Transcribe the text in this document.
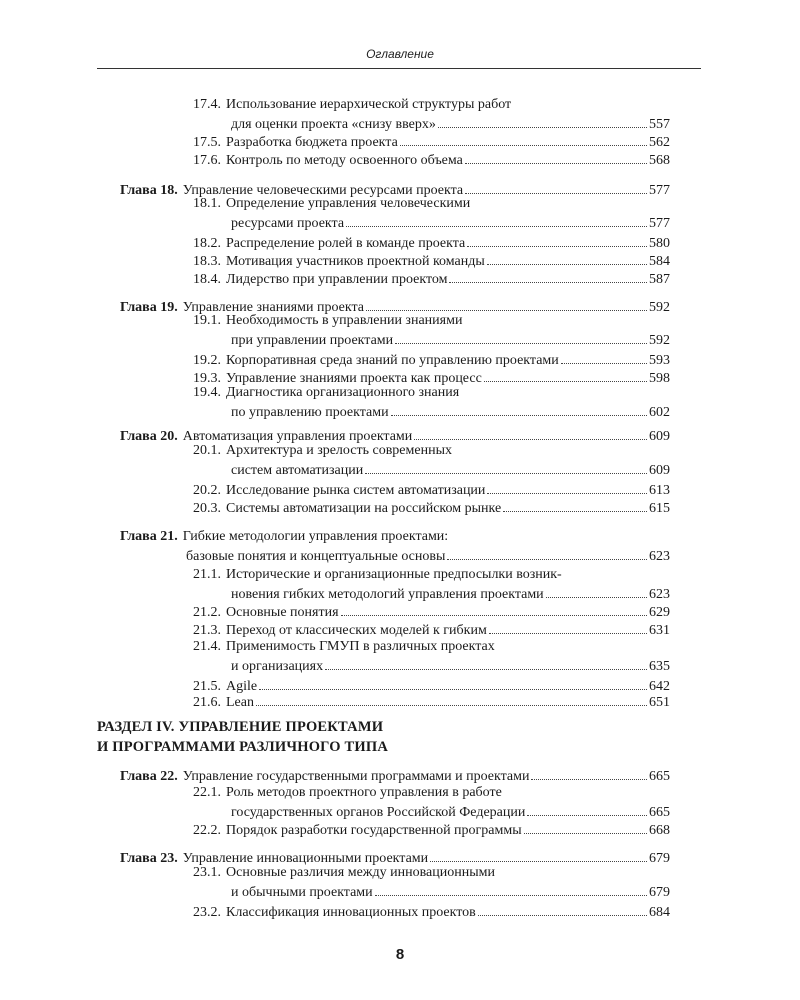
Оглавление
17.4. Использование иерархической структуры работ
для оценки проекта «снизу вверх»	557
17.5. Разработка бюджета проекта	562
17.6. Контроль по методу освоенного объема	568
Глава 18. Управление человеческими ресурсами проекта	577
18.1. Определение управления человеческими
ресурсами проекта	577
18.2. Распределение ролей в команде проекта	580
18.3. Мотивация участников проектной команды	584
18.4. Лидерство при управлении проектом	587
Глава 19. Управление знаниями проекта	592
19.1. Необходимость в управлении знаниями
при управлении проектами	592
19.2. Корпоративная среда знаний по управлению проектами	593
19.3. Управление знаниями проекта как процесс	598
19.4. Диагностика организационного знания
по управлению проектами	602
Глава 20. Автоматизация управления проектами	609
20.1. Архитектура и зрелость современных
систем автоматизации	609
20.2. Исследование рынка систем автоматизации	613
20.3. Системы автоматизации на российском рынке	615
Глава 21. Гибкие методологии управления проектами:
базовые понятия и концептуальные основы	623
21.1. Исторические и организационные предпосылки возник-
новения гибких методологий управления проектами	623
21.2. Основные понятия	629
21.3. Переход от классических моделей к гибким	631
21.4. Применимость ГМУП в различных проектах
и организациях	635
21.5. Agile	642
21.6. Lean	651
Глава 22. Управление государственными программами и проектами	665
22.1. Роль методов проектного управления в работе
государственных органов Российской Федерации	665
22.2. Порядок разработки государственной программы	668
Глава 23. Управление инновационными проектами	679
23.1. Основные различия между инновационными
и обычными проектами	679
23.2. Классификация инновационных проектов	684
РАЗДЕЛ IV. УПРАВЛЕНИЕ ПРОЕКТАМИ
И ПРОГРАММАМИ РАЗЛИЧНОГО ТИПА
8
